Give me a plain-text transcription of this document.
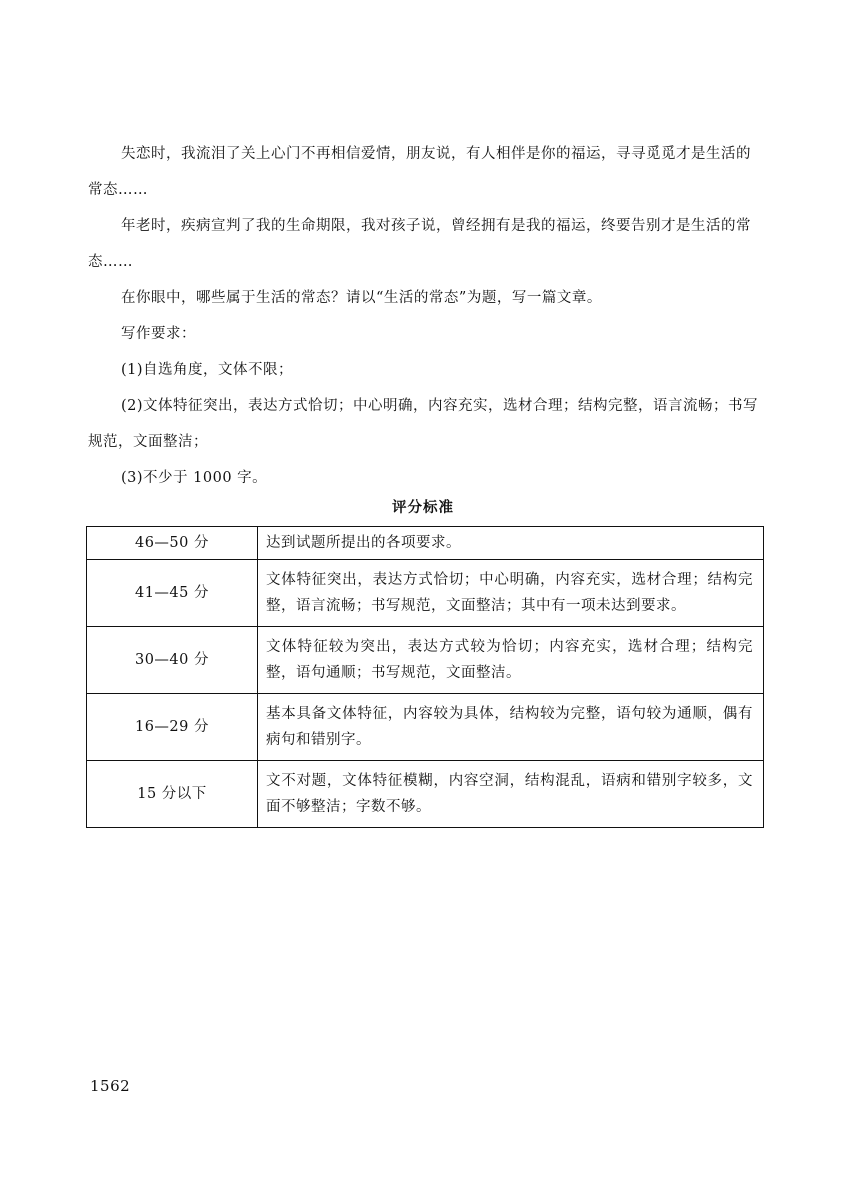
失恋时，我流泪了关上心门不再相信爱情，朋友说，有人相伴是你的福运，寻寻觅觅才是生活的常态……

年老时，疾病宣判了我的生命期限，我对孩子说，曾经拥有是我的福运，终要告别才是生活的常态……

在你眼中，哪些属于生活的常态？请以“生活的常态”为题，写一篇文章。

写作要求：

(1)自选角度，文体不限；

(2)文体特征突出，表达方式恰切；中心明确，内容充实，选材合理；结构完整，语言流畅；书写规范，文面整洁；

(3)不少于 1000 字。

评分标准
46—50 分	达到试题所提出的各项要求。
41—45 分	文体特征突出，表达方式恰切；中心明确，内容充实，选材合理；结构完整，语言流畅；书写规范，文面整洁；其中有一项未达到要求。
30—40 分	文体特征较为突出，表达方式较为恰切；内容充实，选材合理；结构完整，语句通顺；书写规范，文面整洁。
16—29 分	基本具备文体特征，内容较为具体，结构较为完整，语句较为通顺，偶有病句和错别字。
15 分以下	文不对题，文体特征模糊，内容空洞，结构混乱，语病和错别字较多，文面不够整洁；字数不够。
1562
